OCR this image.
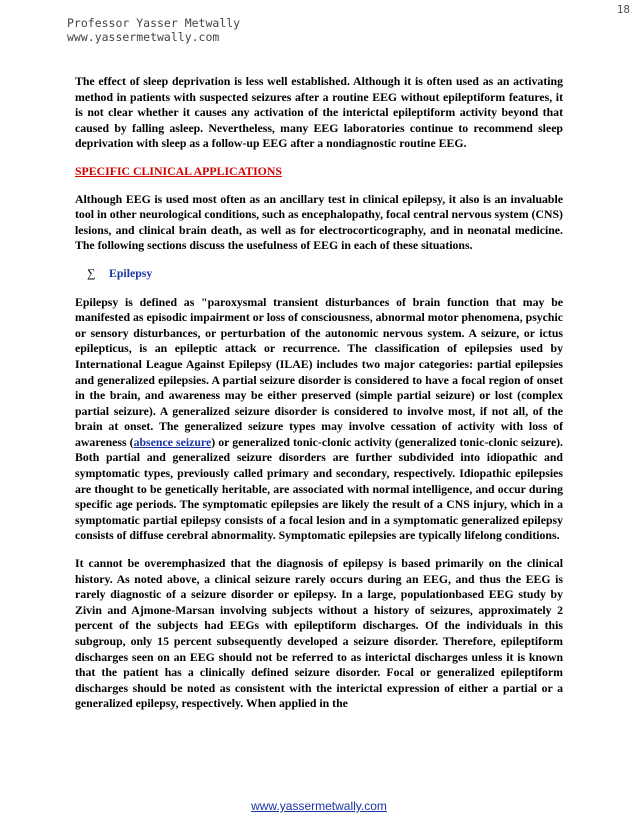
18
Professor Yasser Metwally
www.yassermetwally.com

The effect of sleep deprivation is less well established. Although it is often used as an activating method in patients with suspected seizures after a routine EEG without epileptiform features, it is not clear whether it causes any activation of the interictal epileptiform activity beyond that caused by falling asleep. Nevertheless, many EEG laboratories continue to recommend sleep deprivation with sleep as a follow-up EEG after a nondiagnostic routine EEG.

SPECIFIC CLINICAL APPLICATIONS

Although EEG is used most often as an ancillary test in clinical epilepsy, it also is an invaluable tool in other neurological conditions, such as encephalopathy, focal central nervous system (CNS) lesions, and clinical brain death, as well as for electrocorticography, and in neonatal medicine. The following sections discuss the usefulness of EEG in each of these situations.

∑	Epilepsy

Epilepsy is defined as "paroxysmal transient disturbances of brain function that may be manifested as episodic impairment or loss of consciousness, abnormal motor phenomena, psychic or sensory disturbances, or perturbation of the autonomic nervous system. A seizure, or ictus epilepticus, is an epileptic attack or recurrence. The classification of epilepsies used by International League Against Epilepsy (ILAE) includes two major categories: partial epilepsies and generalized epilepsies. A partial seizure disorder is considered to have a focal region of onset in the brain, and awareness may be either preserved (simple partial seizure) or lost (complex partial seizure). A generalized seizure disorder is considered to involve most, if not all, of the brain at onset. The generalized seizure types may involve cessation of activity with loss of awareness (absence seizure) or generalized tonic-clonic activity (generalized tonic-clonic seizure). Both partial and generalized seizure disorders are further subdivided into idiopathic and symptomatic types, previously called primary and secondary, respectively. Idiopathic epilepsies are thought to be genetically heritable, are associated with normal intelligence, and occur during specific age periods. The symptomatic epilepsies are likely the result of a CNS injury, which in a symptomatic partial epilepsy consists of a focal lesion and in a symptomatic generalized epilepsy consists of diffuse cerebral abnormality. Symptomatic epilepsies are typically lifelong conditions.

It cannot be overemphasized that the diagnosis of epilepsy is based primarily on the clinical history. As noted above, a clinical seizure rarely occurs during an EEG, and thus the EEG is rarely diagnostic of a seizure disorder or epilepsy. In a large, populationbased EEG study by Zivin and Ajmone-Marsan involving subjects without a history of seizures, approximately 2 percent of the subjects had EEGs with epileptiform discharges. Of the individuals in this subgroup, only 15 percent subsequently developed a seizure disorder. Therefore, epileptiform discharges seen on an EEG should not be referred to as interictal discharges unless it is known that the patient has a clinically defined seizure disorder. Focal or generalized epileptiform discharges should be noted as consistent with the interictal expression of either a partial or a generalized epilepsy, respectively. When applied in the

www.yassermetwally.com
